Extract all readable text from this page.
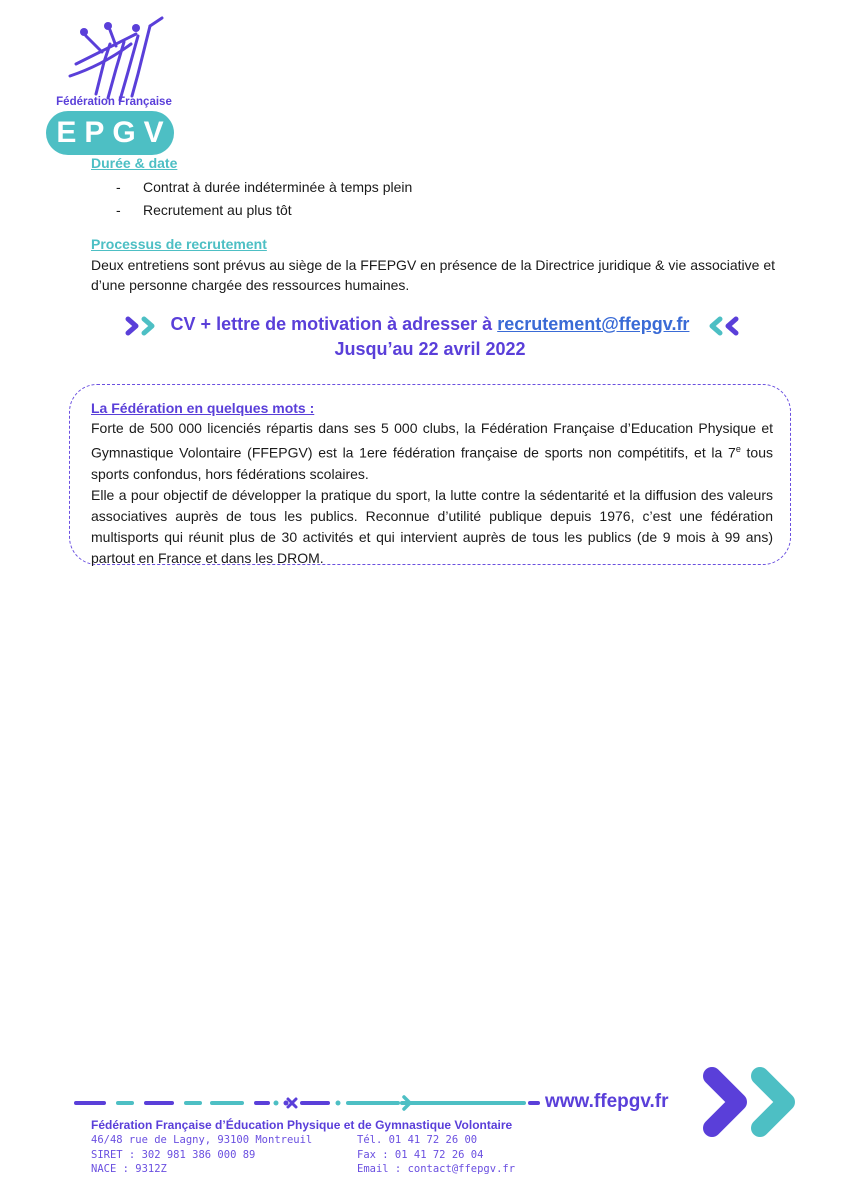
Fédération Française
EPGV
Durée & date
-	Contrat à durée indéterminée à temps plein
-	Recrutement au plus tôt
Processus de recrutement
Deux entretiens sont prévus au siège de la FFEPGV en présence de la Directrice juridique & vie associative et d’une personne chargée des ressources humaines.
CV + lettre de motivation à adresser à recrutement@ffepgv.fr
Jusqu’au 22 avril 2022
La Fédération en quelques mots :
Forte de 500 000 licenciés répartis dans ses 5 000 clubs, la Fédération Française d’Education Physique et Gymnastique Volontaire (FFEPGV) est la 1ere fédération française de sports non compétitifs, et la 7e tous sports confondus, hors fédérations scolaires.
Elle a pour objectif de développer la pratique du sport, la lutte contre la sédentarité et la diffusion des valeurs associatives auprès de tous les publics. Reconnue d’utilité publique depuis 1976, c’est une fédération multisports qui réunit plus de 30 activités et qui intervient auprès de tous les publics (de 9 mois à 99 ans) partout en France et dans les DROM.
www.ffepgv.fr
Fédération Française d’Éducation Physique et de Gymnastique Volontaire
46/48 rue de Lagny, 93100 Montreuil
SIRET : 302 981 386 000 89
NACE : 9312Z
Tél. 01 41 72 26 00
Fax : 01 41 72 26 04
Email : contact@ffepgv.fr
